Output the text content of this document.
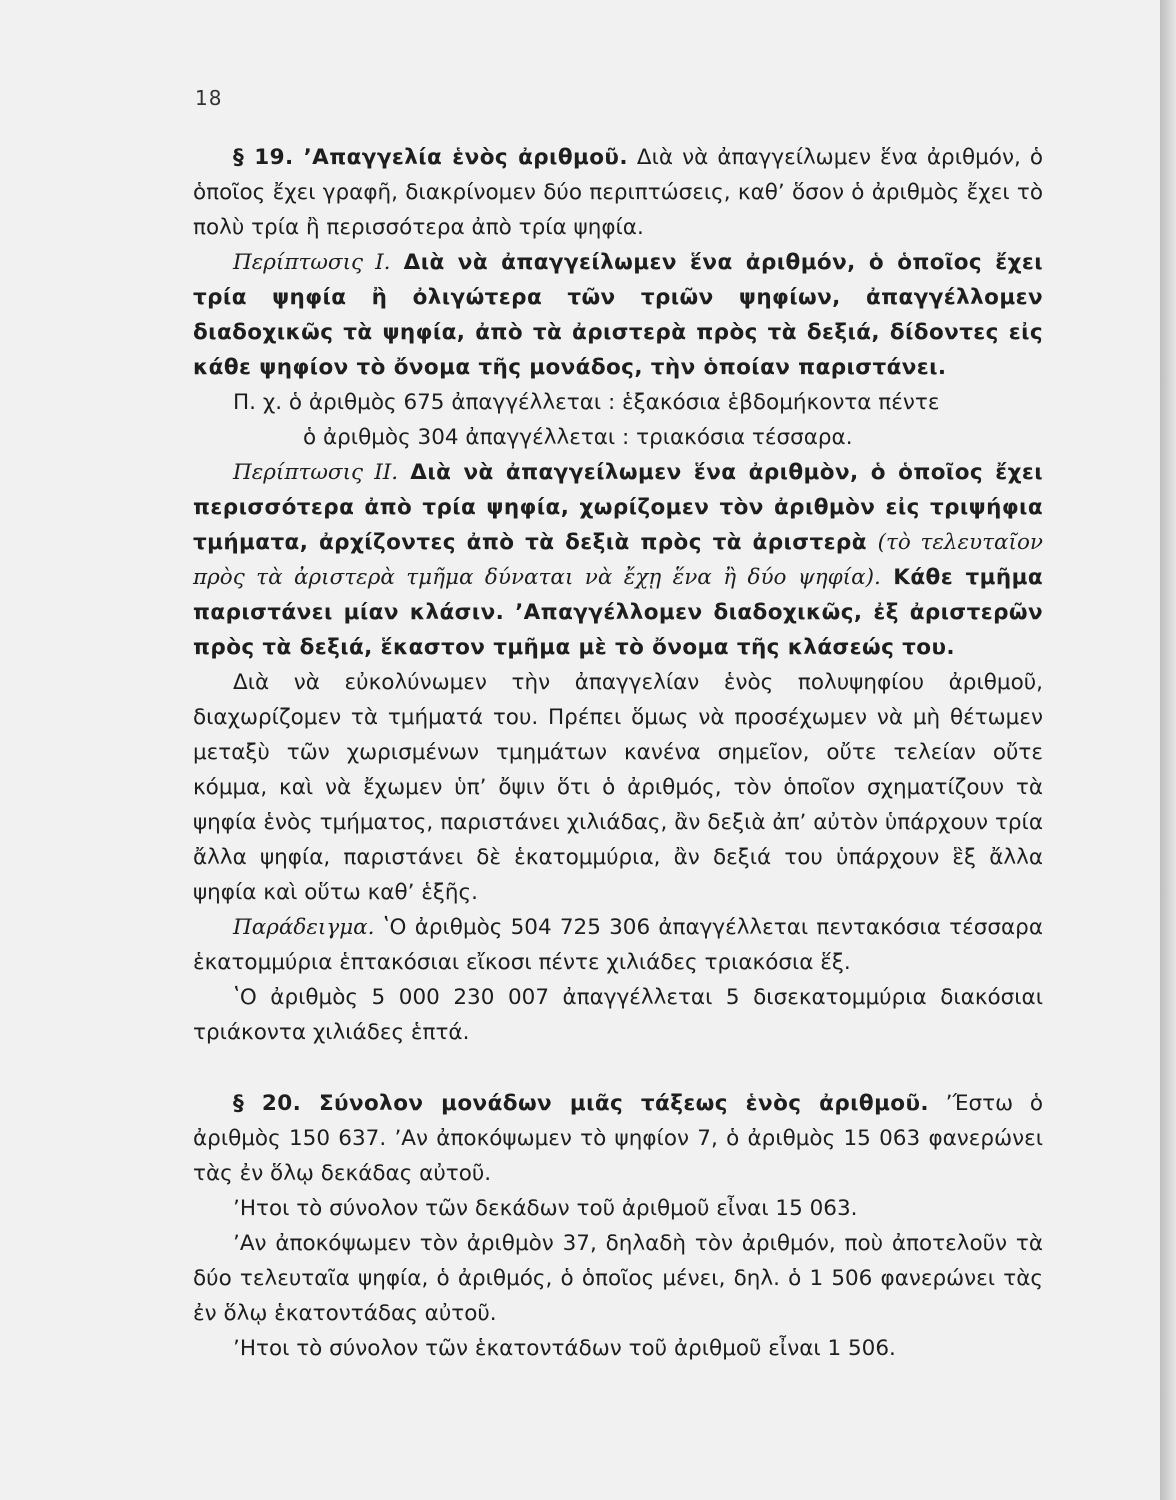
18

§ 19. ʼΑπαγγελία ἑνὸς ἀριθμοῦ. Διὰ νὰ ἀπαγγείλωμεν ἕνα ἀριθμόν, ὁ ὁποῖος ἔχει γραφῆ, διακρίνομεν δύο περιπτώσεις, καθʼ ὅσον ὁ ἀριθμὸς ἔχει τὸ πολὺ τρία ἢ περισσότερα ἀπὸ τρία ψηφία.

Περίπτωσις Ι. Διὰ νὰ ἀπαγγείλωμεν ἕνα ἀριθμόν, ὁ ὁποῖος ἔχει τρία ψηφία ἢ ὀλιγώτερα τῶν τριῶν ψηφίων, ἀπαγγέλλομεν διαδοχικῶς τὰ ψηφία, ἀπὸ τὰ ἀριστερὰ πρὸς τὰ δεξιά, δίδοντες εἰς κάθε ψηφίον τὸ ὄνομα τῆς μονάδος, τὴν ὁποίαν παριστάνει.

Π. χ. ὁ ἀριθμὸς 675 ἀπαγγέλλεται : ἑξακόσια ἑβδομήκοντα πέντε

ὁ ἀριθμὸς 304 ἀπαγγέλλεται : τριακόσια τέσσαρα.

Περίπτωσις ΙΙ. Διὰ νὰ ἀπαγγείλωμεν ἕνα ἀριθμὸν, ὁ ὁποῖος ἔχει περισσότερα ἀπὸ τρία ψηφία, χωρίζομεν τὸν ἀριθμὸν εἰς τριψήφια τμήματα, ἀρχίζοντες ἀπὸ τὰ δεξιὰ πρὸς τὰ ἀριστερὰ (τὸ τελευταῖον πρὸς τὰ ἀριστερὰ τμῆμα δύναται νὰ ἔχῃ ἕνα ἢ δύο ψηφία). Κάθε τμῆμα παριστάνει μίαν κλάσιν. ʼΑπαγγέλλομεν διαδοχικῶς, ἐξ ἀριστερῶν πρὸς τὰ δεξιά, ἕκαστον τμῆμα μὲ τὸ ὄνομα τῆς κλάσεώς του.

Διὰ νὰ εὐκολύνωμεν τὴν ἀπαγγελίαν ἑνὸς πολυψηφίου ἀριθμοῦ, διαχωρίζομεν τὰ τμήματά του. Πρέπει ὅμως νὰ προσέχωμεν νὰ μὴ θέτωμεν μεταξὺ τῶν χωρισμένων τμημάτων κανένα σημεῖον, οὔτε τελείαν οὔτε κόμμα, καὶ νὰ ἔχωμεν ὑπʼ ὄψιν ὅτι ὁ ἀριθμός, τὸν ὁποῖον σχηματίζουν τὰ ψηφία ἑνὸς τμήματος, παριστάνει χιλιάδας, ἂν δεξιὰ ἀπʼ αὐτὸν ὑπάρχουν τρία ἄλλα ψηφία, παριστάνει δὲ ἑκατομμύρια, ἂν δεξιά του ὑπάρχουν ἓξ ἄλλα ψηφία καὶ οὕτω καθʼ ἑξῆς.

Παράδειγμα. ʽΟ ἀριθμὸς 504 725 306 ἀπαγγέλλεται πεντακόσια τέσσαρα ἑκατομμύρια ἑπτακόσιαι εἴκοσι πέντε χιλιάδες τριακόσια ἕξ.

ʽΟ ἀριθμὸς 5 000 230 007 ἀπαγγέλλεται 5 δισεκατομμύρια διακόσιαι τριάκοντα χιλιάδες ἑπτά.

§ 20. Σύνολον μονάδων μιᾶς τάξεως ἑνὸς ἀριθμοῦ. ʼΈστω ὁ ἀριθμὸς 150 637. ʼΑν ἀποκόψωμεν τὸ ψηφίον 7, ὁ ἀριθμὸς 15 063 φανερώνει τὰς ἐν ὅλῳ δεκάδας αὐτοῦ.

ʼΗτοι τὸ σύνολον τῶν δεκάδων τοῦ ἀριθμοῦ εἶναι 15 063.

ʼΑν ἀποκόψωμεν τὸν ἀριθμὸν 37, δηλαδὴ τὸν ἀριθμόν, ποὺ ἀποτελοῦν τὰ δύο τελευταῖα ψηφία, ὁ ἀριθμός, ὁ ὁποῖος μένει, δηλ. ὁ 1 506 φανερώνει τὰς ἐν ὅλῳ ἑκατοντάδας αὐτοῦ.

ʼΗτοι τὸ σύνολον τῶν ἑκατοντάδων τοῦ ἀριθμοῦ εἶναι 1 506.
